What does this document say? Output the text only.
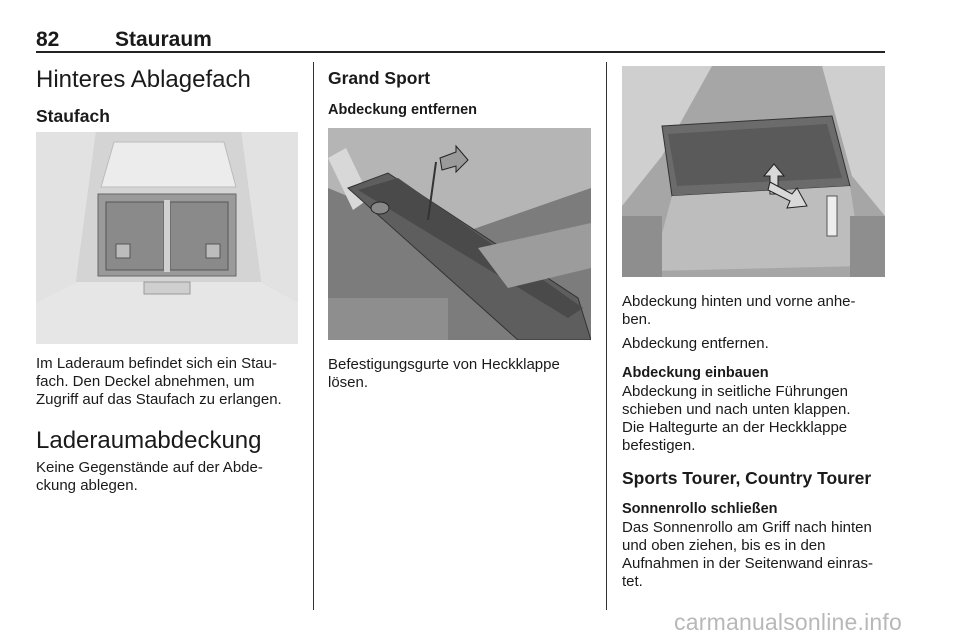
82	Stauraum
Hinteres Ablagefach
Staufach

Im Laderaum befindet sich ein Stau-

fach. Den Deckel abnehmen, um

Zugriff auf das Staufach zu erlangen.

Laderaumabdeckung

Keine Gegenstände auf der Abde-

ckung ablegen.

Grand Sport
Abdeckung entfernen

Befestigungsgurte von Heckklappe

lösen.

Abdeckung hinten und vorne anhe-

ben.

Abdeckung entfernen.

Abdeckung einbauen

Abdeckung in seitliche Führungen

schieben und nach unten klappen.

Die Haltegurte an der Heckklappe

befestigen.

Sports Tourer, Country Tourer
Sonnenrollo schließen

Das Sonnenrollo am Griff nach hinten

und oben ziehen, bis es in den

Aufnahmen in der Seitenwand einras-

tet.

carmanualsonline.info
